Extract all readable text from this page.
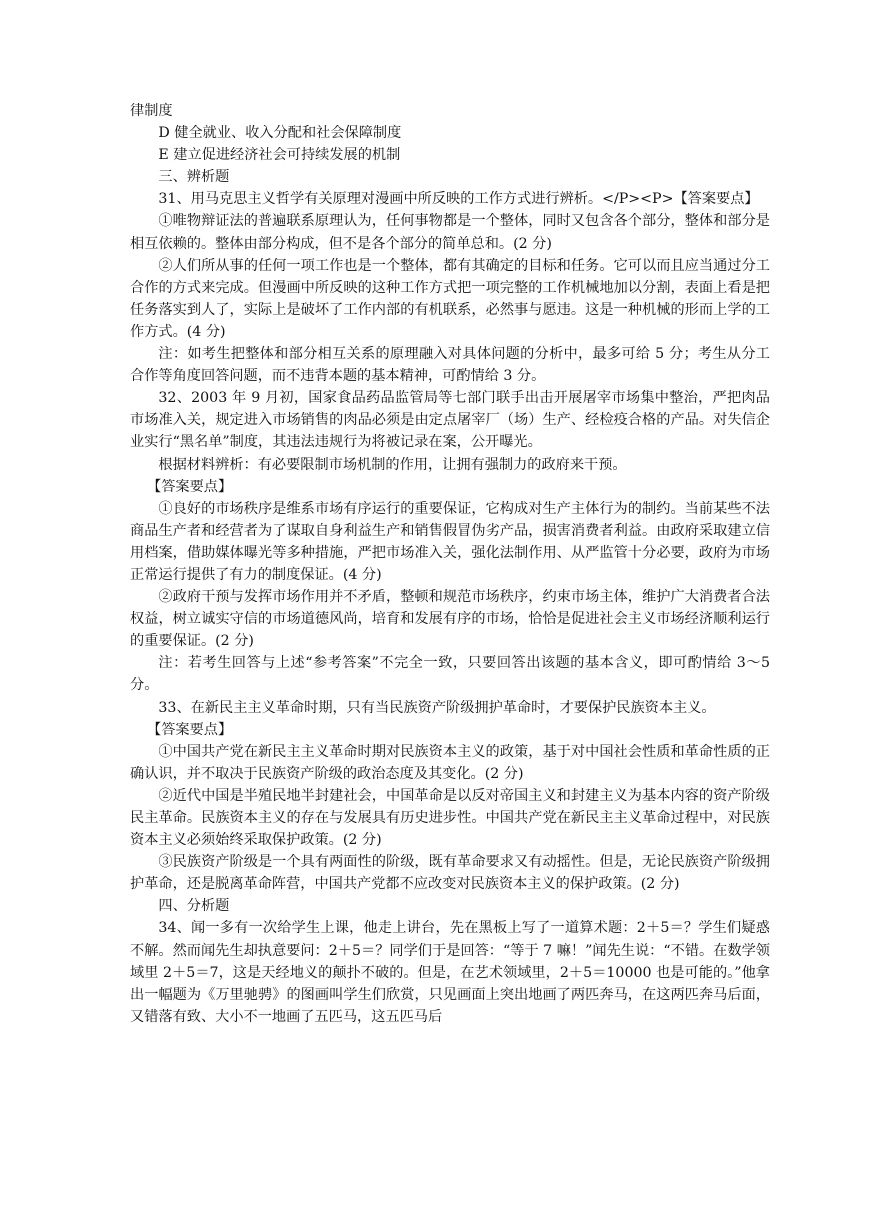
律制度

D 健全就业、收入分配和社会保障制度

E 建立促进经济社会可持续发展的机制

三、辨析题

31、用马克思主义哲学有关原理对漫画中所反映的工作方式进行辨析。</P><P>【答案要点】

①唯物辩证法的普遍联系原理认为，任何事物都是一个整体，同时又包含各个部分，整体和部分是相互依赖的。整体由部分构成，但不是各个部分的简单总和。(2 分)

②人们所从事的任何一项工作也是一个整体，都有其确定的目标和任务。它可以而且应当通过分工合作的方式来完成。但漫画中所反映的这种工作方式把一项完整的工作机械地加以分割，表面上看是把任务落实到人了，实际上是破坏了工作内部的有机联系，必然事与愿违。这是一种机械的形而上学的工作方式。(4 分)

注：如考生把整体和部分相互关系的原理融入对具体问题的分析中，最多可给 5 分；考生从分工合作等角度回答问题，而不违背本题的基本精神，可酌情给 3 分。

32、2003 年 9 月初，国家食品药品监管局等七部门联手出击开展屠宰市场集中整治，严把肉品市场准入关，规定进入市场销售的肉品必须是由定点屠宰厂（场）生产、经检疫合格的产品。对失信企业实行“黑名单”制度，其违法违规行为将被记录在案，公开曝光。

根据材料辨析：有必要限制市场机制的作用，让拥有强制力的政府来干预。

【答案要点】

①良好的市场秩序是维系市场有序运行的重要保证，它构成对生产主体行为的制约。当前某些不法商品生产者和经营者为了谋取自身利益生产和销售假冒伪劣产品，损害消费者利益。由政府采取建立信用档案，借助媒体曝光等多种措施，严把市场准入关，强化法制作用、从严监管十分必要，政府为市场正常运行提供了有力的制度保证。(4 分)

②政府干预与发挥市场作用并不矛盾，整顿和规范市场秩序，约束市场主体，维护广大消费者合法权益，树立诚实守信的市场道德风尚，培育和发展有序的市场，恰恰是促进社会主义市场经济顺利运行的重要保证。(2 分)

注：若考生回答与上述“参考答案”不完全一致，只要回答出该题的基本含义，即可酌情给 3～5 分。

33、在新民主主义革命时期，只有当民族资产阶级拥护革命时，才要保护民族资本主义。

【答案要点】

①中国共产党在新民主主义革命时期对民族资本主义的政策，基于对中国社会性质和革命性质的正确认识，并不取决于民族资产阶级的政治态度及其变化。(2 分)

②近代中国是半殖民地半封建社会，中国革命是以反对帝国主义和封建主义为基本内容的资产阶级民主革命。民族资本主义的存在与发展具有历史进步性。中国共产党在新民主主义革命过程中，对民族资本主义必须始终采取保护政策。(2 分)

③民族资产阶级是一个具有两面性的阶级，既有革命要求又有动摇性。但是，无论民族资产阶级拥护革命，还是脱离革命阵营，中国共产党都不应改变对民族资本主义的保护政策。(2 分)

四、分析题

34、闻一多有一次给学生上课，他走上讲台，先在黑板上写了一道算术题：2＋5＝？学生们疑惑不解。然而闻先生却执意要问：2＋5＝？同学们于是回答：“等于 7 嘛！”闻先生说：“不错。在数学领域里 2＋5＝7，这是天经地义的颠扑不破的。但是，在艺术领域里，2＋5＝10000 也是可能的。”他拿出一幅题为《万里驰骋》的图画叫学生们欣赏，只见画面上突出地画了两匹奔马，在这两匹奔马后面，又错落有致、大小不一地画了五匹马，这五匹马后
